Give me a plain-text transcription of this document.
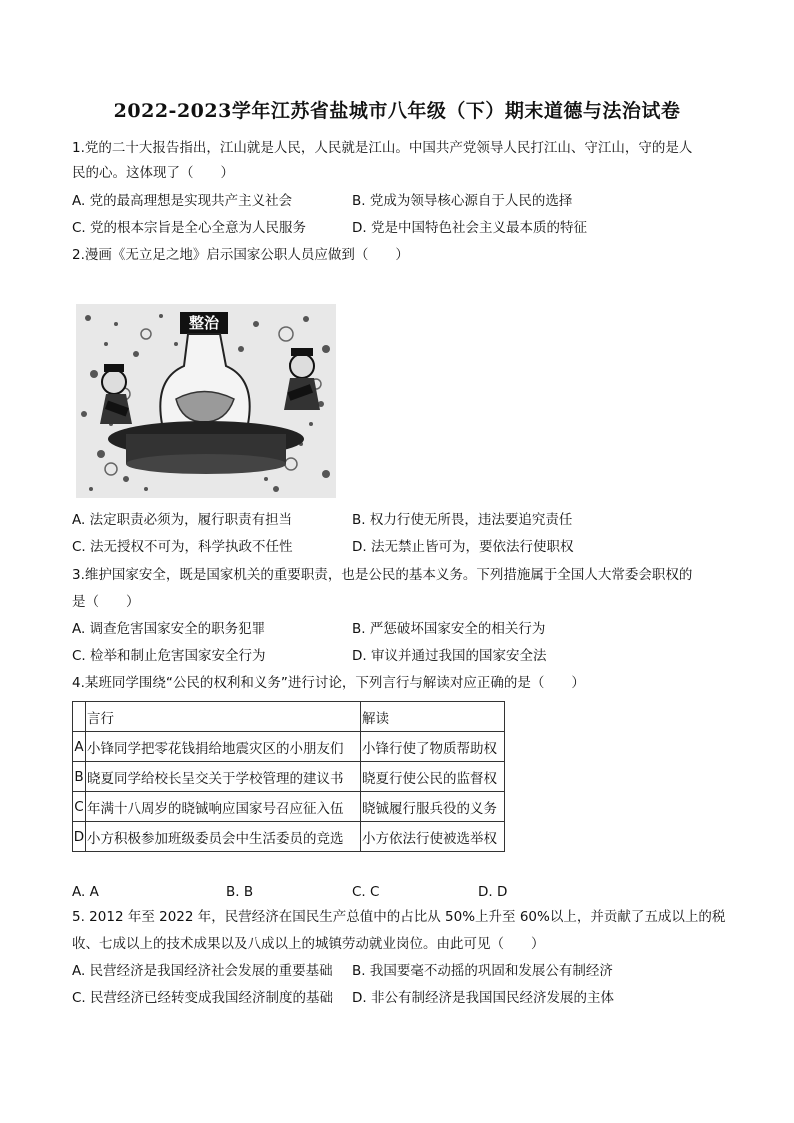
2022-2023学年江苏省盐城市八年级（下）期末道德与法治试卷
1.党的二十大报告指出，江山就是人民，人民就是江山。中国共产党领导人民打江山、守江山，守的是人
民的心。这体现了（　　）
A. 党的最高理想是实现共产主义社会	B. 党成为领导核心源自于人民的选择
C. 党的根本宗旨是全心全意为人民服务	D. 党是中国特色社会主义最本质的特征
2.漫画《无立足之地》启示国家公职人员应做到（　　）
整治
A. 法定职责必须为，履行职责有担当	B. 权力行使无所畏，违法要追究责任
C. 法无授权不可为，科学执政不任性	D. 法无禁止皆可为，要依法行使职权
3.维护国家安全，既是国家机关的重要职责，也是公民的基本义务。下列措施属于全国人大常委会职权的
是（　　）
A. 调查危害国家安全的职务犯罪	B. 严惩破坏国家安全的相关行为
C. 检举和制止危害国家安全行为	D. 审议并通过我国的国家安全法
4.某班同学围绕“公民的权利和义务”进行讨论，下列言行与解读对应正确的是（　　）
	言行	解读
A	小锋同学把零花钱捐给地震灾区的小朋友们	小锋行使了物质帮助权
B	晓夏同学给校长呈交关于学校管理的建议书	晓夏行使公民的监督权
C	年满十八周岁的晓铖响应国家号召应征入伍	晓铖履行服兵役的义务
D	小方积极参加班级委员会中生活委员的竞选	小方依法行使被选举权
A. A	B. B	C. C	D. D
5. 2012 年至 2022 年，民营经济在国民生产总值中的占比从 50%上升至 60%以上，并贡献了五成以上的税
收、七成以上的技术成果以及八成以上的城镇劳动就业岗位。由此可见（　　）
A. 民营经济是我国经济社会发展的重要基础 B. 我国要毫不动摇的巩固和发展公有制经济
C. 民营经济已经转变成我国经济制度的基础 D. 非公有制经济是我国国民经济发展的主体
